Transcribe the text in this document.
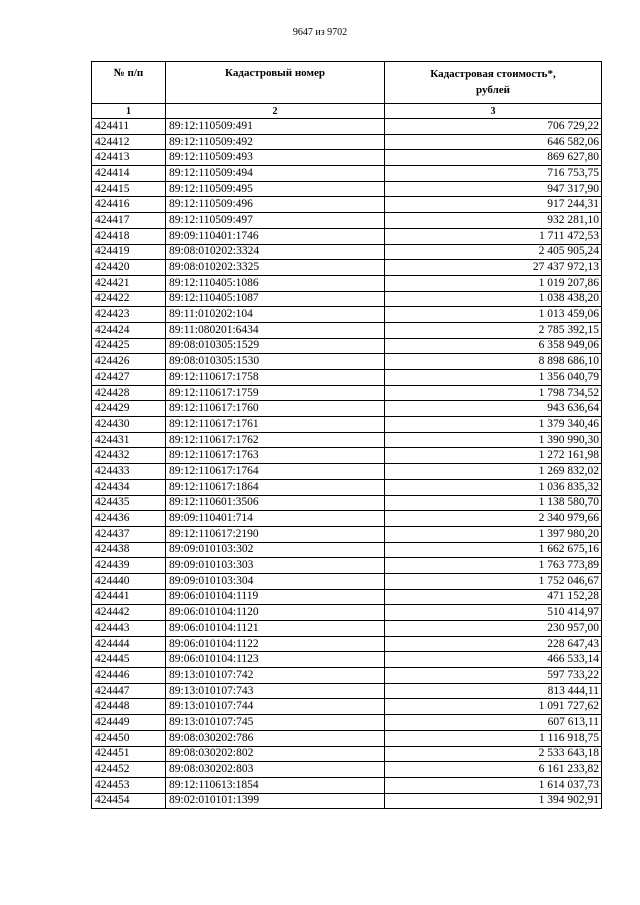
9647 из 9702
№ п/п	Кадастровый номер	Кадастровая стоимость*,
рублей
1	2	3
424411	89:12:110509:491	706 729,22
424412	89:12:110509:492	646 582,06
424413	89:12:110509:493	869 627,80
424414	89:12:110509:494	716 753,75
424415	89:12:110509:495	947 317,90
424416	89:12:110509:496	917 244,31
424417	89:12:110509:497	932 281,10
424418	89:09:110401:1746	1 711 472,53
424419	89:08:010202:3324	2 405 905,24
424420	89:08:010202:3325	27 437 972,13
424421	89:12:110405:1086	1 019 207,86
424422	89:12:110405:1087	1 038 438,20
424423	89:11:010202:104	1 013 459,06
424424	89:11:080201:6434	2 785 392,15
424425	89:08:010305:1529	6 358 949,06
424426	89:08:010305:1530	8 898 686,10
424427	89:12:110617:1758	1 356 040,79
424428	89:12:110617:1759	1 798 734,52
424429	89:12:110617:1760	943 636,64
424430	89:12:110617:1761	1 379 340,46
424431	89:12:110617:1762	1 390 990,30
424432	89:12:110617:1763	1 272 161,98
424433	89:12:110617:1764	1 269 832,02
424434	89:12:110617:1864	1 036 835,32
424435	89:12:110601:3506	1 138 580,70
424436	89:09:110401:714	2 340 979,66
424437	89:12:110617:2190	1 397 980,20
424438	89:09:010103:302	1 662 675,16
424439	89:09:010103:303	1 763 773,89
424440	89:09:010103:304	1 752 046,67
424441	89:06:010104:1119	471 152,28
424442	89:06:010104:1120	510 414,97
424443	89:06:010104:1121	230 957,00
424444	89:06:010104:1122	228 647,43
424445	89:06:010104:1123	466 533,14
424446	89:13:010107:742	597 733,22
424447	89:13:010107:743	813 444,11
424448	89:13:010107:744	1 091 727,62
424449	89:13:010107:745	607 613,11
424450	89:08:030202:786	1 116 918,75
424451	89:08:030202:802	2 533 643,18
424452	89:08:030202:803	6 161 233,82
424453	89:12:110613:1854	1 614 037,73
424454	89:02:010101:1399	1 394 902,91
